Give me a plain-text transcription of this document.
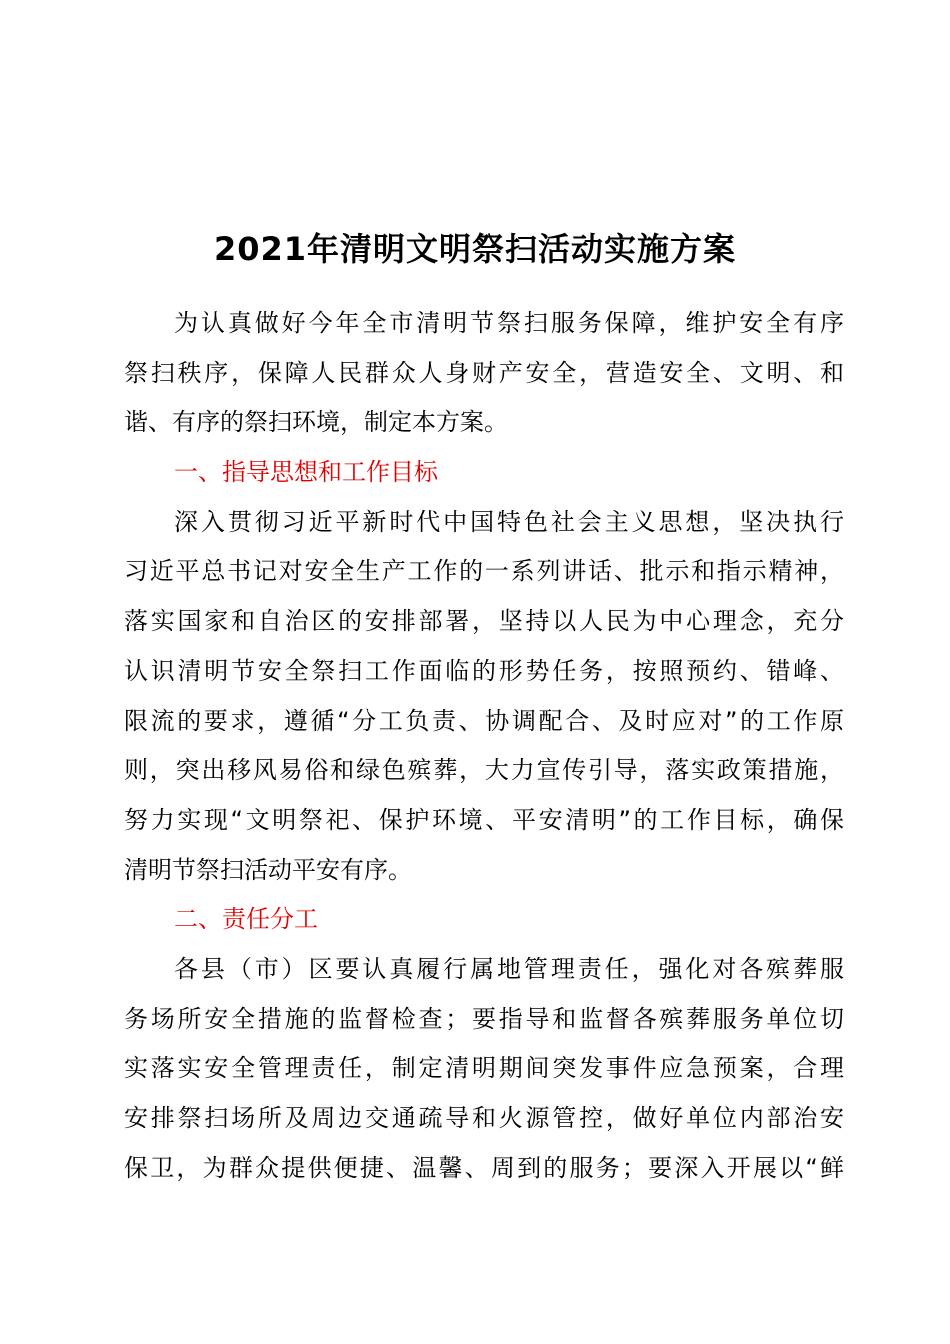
2021年清明文明祭扫活动实施方案
为认真做好今年全市清明节祭扫服务保障，维护安全有序
祭扫秩序，保障人民群众人身财产安全，营造安全、文明、和
谐、有序的祭扫环境，制定本方案。
一、指导思想和工作目标
深入贯彻习近平新时代中国特色社会主义思想，坚决执行
习近平总书记对安全生产工作的一系列讲话、批示和指示精神，
落实国家和自治区的安排部署，坚持以人民为中心理念，充分
认识清明节安全祭扫工作面临的形势任务，按照预约、错峰、
限流的要求，遵循“分工负责、协调配合、及时应对”的工作原
则，突出移风易俗和绿色殡葬，大力宣传引导，落实政策措施，
努力实现“文明祭祀、保护环境、平安清明”的工作目标，确保
清明节祭扫活动平安有序。
二、责任分工
各县（市）区要认真履行属地管理责任，强化对各殡葬服
务场所安全措施的监督检查；要指导和监督各殡葬服务单位切
实落实安全管理责任，制定清明期间突发事件应急预案，合理
安排祭扫场所及周边交通疏导和火源管控，做好单位内部治安
保卫，为群众提供便捷、温馨、周到的服务；要深入开展以“鲜
